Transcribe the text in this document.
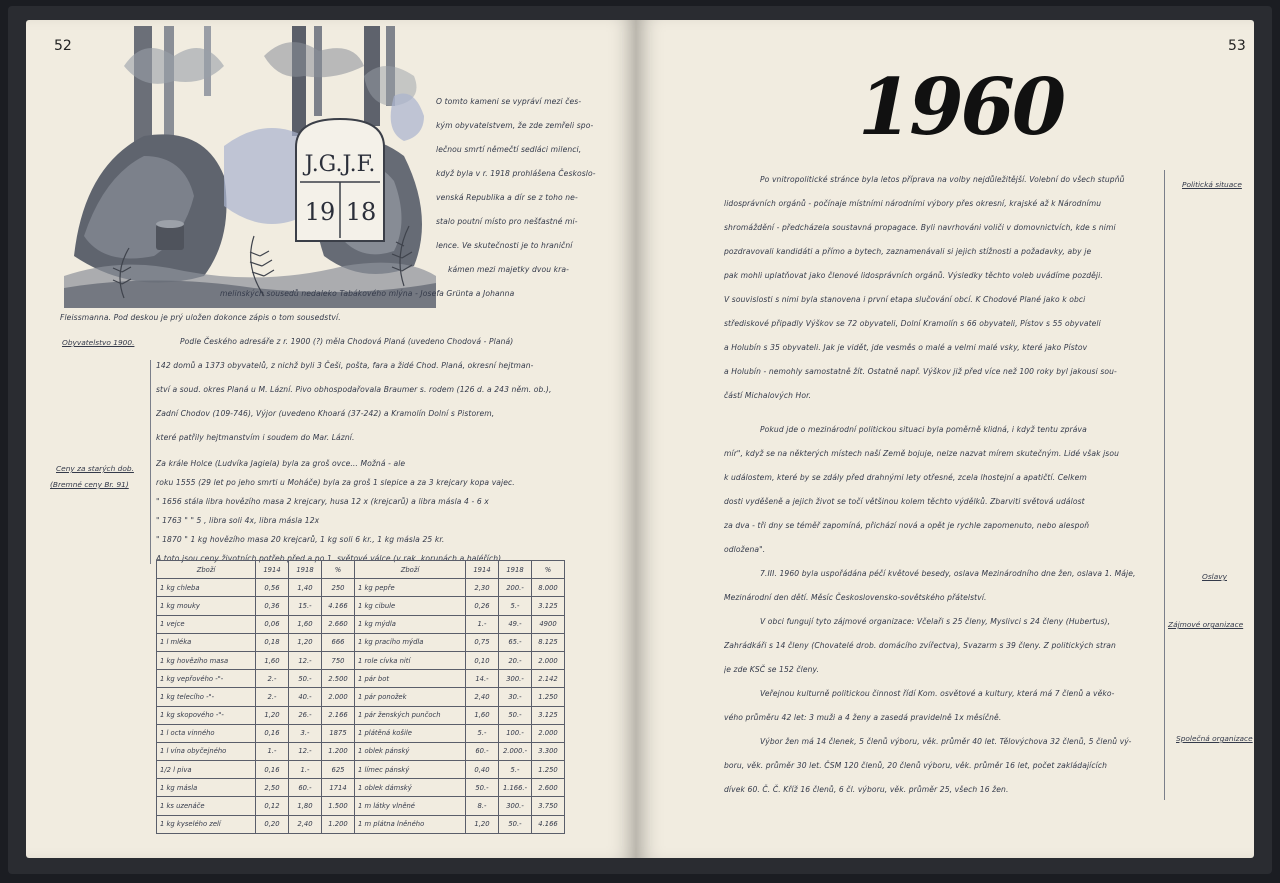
52
J.G.J.F.
19 18
O tomto kameni se vypráví mezi čes-
kým obyvatelstvem, že zde zemřeli spo-
lečnou smrtí němečtí sedláci milenci,
když byla v r. 1918 prohlášena Českoslo-
venská Republika a dír se z toho ne-
stalo poutní místo pro nešťastné mi-
lence. Ve skutečnosti je to hraniční
kámen mezi majetky dvou kra-
melinských sousedů nedaleko Tabákového mlýna - Josefa Grünta a Johanna
Fleissmanna. Pod deskou je prý uložen dokonce zápis o tom sousedství.
Obyvatelstvo 1900.	Podle Českého adresáře z r. 1900 (?) měla Chodová Planá (uvedeno Chodová - Planá)
142 domů a 1373 obyvatelů, z nichž byli 3 Češi, pošta, fara a židé Chod. Planá, okresní hejtman-
ství a soud. okres Planá u M. Lázní. Pivo obhospodařovala Braumer s. rodem (126 d. a 243 něm. ob.),
Zadní Chodov (109-746), Výjor (uvedeno Khoará (37-242) a Kramolín Dolní s Pistorem,
které patřily hejtmanstvím i soudem do Mar. Lázní.
Ceny za starých dob.
(Bremné ceny Br. 91)
Za krále Holce (Ludvíka Jagiela) byla za groš ovce... Možná - ale
roku 1555 (29 let po jeho smrti u Moháče) byla za groš 1 slepice a za 3 krejcary kopa vajec.
" 1656 stála libra hovězího masa 2 krejcary, husa 12 x (krejcarů) a libra másla 4 - 6 x
" 1763 " " 5 , libra soli 4x, libra másla 12x
" 1870 " 1 kg hovězího masa 20 krejcarů, 1 kg soli 6 kr., 1 kg másla 25 kr.
A toto jsou ceny životních potřeb před a po 1. světové válce (v rak. korunách a haléřích)
Zboží	1914	1918	%	Zboží	1914	1918	%
1 kg chleba	0,56	1,40	250	1 kg pepře	2,30	200.-	8.000
1 kg mouky	0,36	15.-	4.166	1 kg cibule	0,26	5.-	3.125
1 vejce	0,06	1,60	2.660	1 kg mýdla	1.-	49.-	4900
1 l mléka	0,18	1,20	666	1 kg pracího mýdla	0,75	65.-	8.125
1 kg hovězího masa	1,60	12.-	750	1 role cívka nití	0,10	20.-	2.000
1 kg vepřového -"-	2.-	50.-	2.500	1 pár bot	14.-	300.-	2.142
1 kg telecího -"-	2.-	40.-	2.000	1 pár ponožek	2,40	30.-	1.250
1 kg skopového -"-	1,20	26.-	2.166	1 pár ženských punčoch	1,60	50.-	3.125
1 l octa vinného	0,16	3.-	1875	1 plátěná košile	5.-	100.-	2.000
1 l vína obyčejného	1.-	12.-	1.200	1 oblek pánský	60.-	2.000.-	3.300
1/2 l piva	0,16	1.-	625	1 límec pánský	0,40	5.-	1.250
1 kg másla	2,50	60.-	1714	1 oblek dámský	50.-	1.166.-	2.600
1 ks uzenáče	0,12	1,80	1.500	1 m látky vlněné	8.-	300.-	3.750
1 kg kyselého zelí	0,20	2,40	1.200	1 m plátna lněného	1,20	50.-	4.166
53
1960
Politická situace
Oslavy
Zájmové organizace
Společná organizace
Po vnitropolitické stránce byla letos příprava na volby nejdůležitější. Volební do všech stupňů
lidosprávních orgánů - počínaje místními národními výbory přes okresní, krajské až k Národnímu
shromáždění - předcházela soustavná propagace. Byli navrhováni voliči v domovnictvích, kde s nimi
pozdravovali kandidáti a přímo a bytech, zaznamenávali si jejich stížnosti a požadavky, aby je
pak mohli uplatňovat jako členové lidosprávních orgánů. Výsledky těchto voleb uvádíme později.
V souvislosti s nimi byla stanovena i první etapa slučování obcí. K Chodové Plané jako k obci
střediskové připadly Výškov se 72 obyvateli, Dolní Kramolín s 66 obyvateli, Pístov s 55 obyvateli
a Holubín s 35 obyvateli. Jak je vidět, jde vesměs o malé a velmi malé vsky, které jako Pístov
a Holubín - nemohly samostatně žít. Ostatně např. Výškov již před více než 100 roky byl jakousi sou-
částí Michalových Hor.
Pokud jde o mezinárodní politickou situaci byla poměrně klidná, i když tentu zpráva
mír", když se na některých místech naší Země bojuje, nelze nazvat mírem skutečným. Lidé však jsou
k událostem, které by se zdály před drahnými lety otřesné, zcela lhostejní a apatičtí. Celkem
dosti vyděšeně a jejich život se točí většinou kolem těchto výdělků. Zbarviti světová událost
za dva - tři dny se téměř zapomíná, přichází nová a opět je rychle zapomenuto, nebo alespoň
odložena".
7.III. 1960 byla uspořádána péčí květové besedy, oslava Mezinárodního dne žen, oslava 1. Máje,
Mezinárodní den dětí. Měsíc Československo-sovětského přátelství.
V obci fungují tyto zájmové organizace: Včelaři s 25 členy, Myslivci s 24 členy (Hubertus),
Zahrádkáři s 14 členy (Chovatelé drob. domácího zvířectva), Svazarm s 39 členy. Z politických stran
je zde KSČ se 152 členy.
Veřejnou kulturně politickou činnost řídí Kom. osvětové a kultury, která má 7 členů a věko-
vého průměru 42 let: 3 muži a 4 ženy a zasedá pravidelně 1x měsíčně.
Výbor žen má 14 členek, 5 členů výboru, věk. průměr 40 let. Tělovýchova 32 členů, 5 členů vý-
boru, věk. průměr 30 let. ČSM 120 členů, 20 členů výboru, věk. průměr 16 let, počet zakládajících
dívek 60. Č. Č. Kříž 16 členů, 6 čl. výboru, věk. průměr 25, všech 16 žen.
